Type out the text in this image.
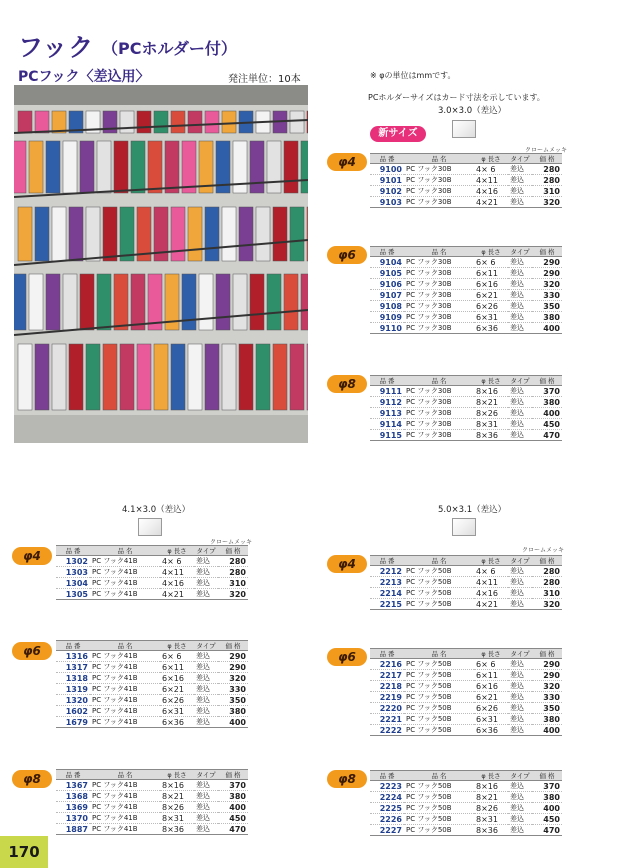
フック （PCホルダー付）
PCフック〈差込用〉	発注単位：10本	※ φの単位はmmです。
PCホルダーサイズはカード寸法を示しています。
3.0×3.0（差込）
新サイズ
クロームメッキ
φ4	品 番	品 名	φ 長さ	タイプ	価 格
9100	PC フック30B	4× 6	差込	280
9101	PC フック30B	4×11	差込	280
9102	PC フック30B	4×16	差込	310
9103	PC フック30B	4×21	差込	320
φ6	品 番	品 名	φ 長さ	タイプ	価 格
9104	PC フック30B	6× 6	差込	290
9105	PC フック30B	6×11	差込	290
9106	PC フック30B	6×16	差込	320
9107	PC フック30B	6×21	差込	330
9108	PC フック30B	6×26	差込	350
9109	PC フック30B	6×31	差込	380
9110	PC フック30B	6×36	差込	400
φ8	品 番	品 名	φ 長さ	タイプ	価 格
9111	PC フック30B	8×16	差込	370
9112	PC フック30B	8×21	差込	380
9113	PC フック30B	8×26	差込	400
9114	PC フック30B	8×31	差込	450
9115	PC フック30B	8×36	差込	470
4.1×3.0（差込）
クロームメッキ
φ4	品 番	品 名	φ 長さ	タイプ	価 格
1302	PC フック41B	4× 6	差込	280
1303	PC フック41B	4×11	差込	280
1304	PC フック41B	4×16	差込	310
1305	PC フック41B	4×21	差込	320
φ6	品 番	品 名	φ 長さ	タイプ	価 格
1316	PC フック41B	6× 6	差込	290
1317	PC フック41B	6×11	差込	290
1318	PC フック41B	6×16	差込	320
1319	PC フック41B	6×21	差込	330
1320	PC フック41B	6×26	差込	350
1602	PC フック41B	6×31	差込	380
1679	PC フック41B	6×36	差込	400
φ8	品 番	品 名	φ 長さ	タイプ	価 格
1367	PC フック41B	8×16	差込	370
1368	PC フック41B	8×21	差込	380
1369	PC フック41B	8×26	差込	400
1370	PC フック41B	8×31	差込	450
1887	PC フック41B	8×36	差込	470
5.0×3.1（差込）
クロームメッキ
φ4	品 番	品 名	φ 長さ	タイプ	価 格
2212	PC フック50B	4× 6	差込	280
2213	PC フック50B	4×11	差込	280
2214	PC フック50B	4×16	差込	310
2215	PC フック50B	4×21	差込	320
φ6	品 番	品 名	φ 長さ	タイプ	価 格
2216	PC フック50B	6× 6	差込	290
2217	PC フック50B	6×11	差込	290
2218	PC フック50B	6×16	差込	320
2219	PC フック50B	6×21	差込	330
2220	PC フック50B	6×26	差込	350
2221	PC フック50B	6×31	差込	380
2222	PC フック50B	6×36	差込	400
φ8	品 番	品 名	φ 長さ	タイプ	価 格
2223	PC フック50B	8×16	差込	370
2224	PC フック50B	8×21	差込	380
2225	PC フック50B	8×26	差込	400
2226	PC フック50B	8×31	差込	450
2227	PC フック50B	8×36	差込	470
170
